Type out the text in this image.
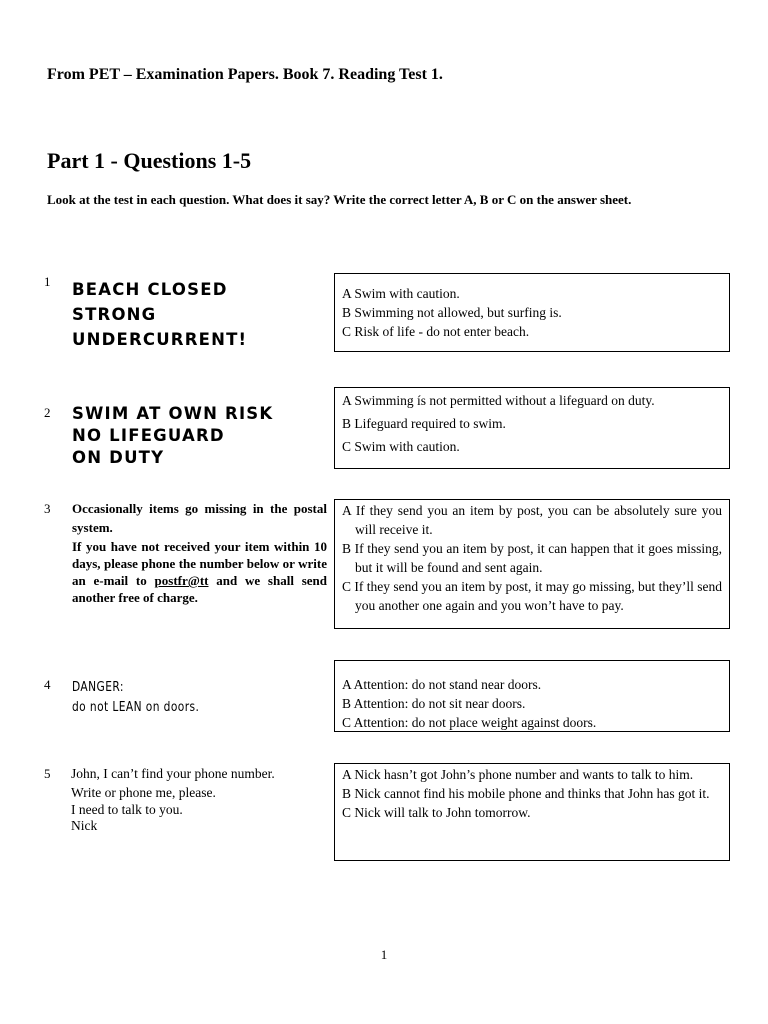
From PET – Examination Papers. Book 7. Reading Test 1.
Part 1 - Questions 1-5
Look at the test in each question. What does it say? Write the correct letter A, B or C on the answer sheet.
1 BEACH CLOSED
STRONG
UNDERCURRENT!
A Swim with caution.
B Swimming not allowed, but surfing is.
C Risk of life - do not enter beach.
2 SWIM AT OWN RISK
NO LIFEGUARD
ON DUTY
A Swimming ís not permitted without a lifeguard on duty.
B Lifeguard required to swim.
C Swim with caution.
3 Occasionally items go missing in the postal system.
If you have not received your item within 10 days, please phone the number below or write an e-mail to postfr@tt and we shall send another free of charge.
A If they send you an item by post, you can be absolutely sure you will receive it.
B If they send you an item by post, it can happen that it goes missing, but it will be found and sent again.
C If they send you an item by post, it may go missing, but they’ll send you another one again and you won’t have to pay.
4 DANGER:
do not LEAN on doors.
A Attention: do not stand near doors.
B Attention: do not sit near doors.
C Attention: do not place weight against doors.
5 John, I can’t find your phone number.
Write or phone me, please.
I need to talk to you.
Nick
A Nick hasn’t got John’s phone number and wants to talk to him.
B Nick cannot find his mobile phone and thinks that John has got it.
C Nick will talk to John tomorrow.
1
